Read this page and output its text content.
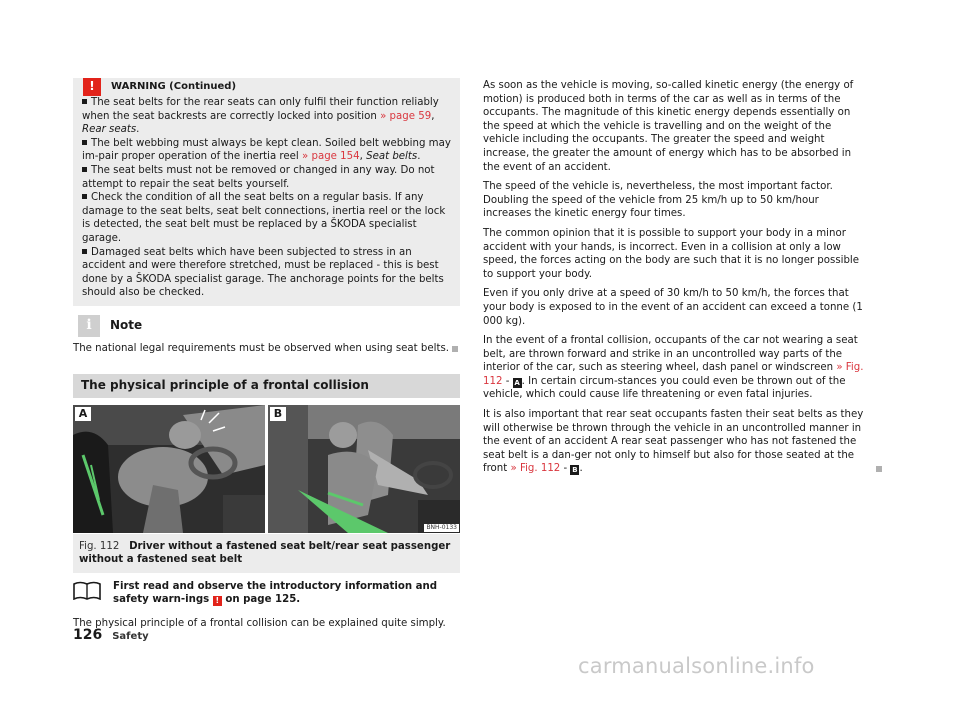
!	WARNING (Continued)
The seat belts for the rear seats can only fulfil their function reliably when the seat backrests are correctly locked into position » page 59, Rear seats.
The belt webbing must always be kept clean. Soiled belt webbing may im-pair proper operation of the inertia reel » page 154, Seat belts.
The seat belts must not be removed or changed in any way. Do not attempt to repair the seat belts yourself.
Check the condition of all the seat belts on a regular basis. If any damage to the seat belts, seat belt connections, inertia reel or the lock is detected, the seat belt must be replaced by a ŠKODA specialist garage.
Damaged seat belts which have been subjected to stress in an accident and were therefore stretched, must be replaced - this is best done by a ŠKODA specialist garage. The anchorage points for the belts should also be checked.
i	Note
The national legal requirements must be observed when using seat belts.
The physical principle of a frontal collision
A	B
BNH-0133
Fig. 112 Driver without a fastened seat belt/rear seat passenger without a fastened seat belt
First read and observe the introductory information and safety warn-ings ! on page 125.
The physical principle of a frontal collision can be explained quite simply.

As soon as the vehicle is moving, so-called kinetic energy (the energy of motion) is produced both in terms of the car as well as in terms of the occupants. The magnitude of this kinetic energy depends essentially on the speed at which the vehicle is travelling and on the weight of the vehicle including the occupants. The greater the speed and weight increase, the greater the amount of energy which has to be absorbed in the event of an accident.

The speed of the vehicle is, nevertheless, the most important factor. Doubling the speed of the vehicle from 25 km/h up to 50 km/hour increases the kinetic energy four times.

The common opinion that it is possible to support your body in a minor accident with your hands, is incorrect. Even in a collision at only a low speed, the forces acting on the body are such that it is no longer possible to support your body.

Even if you only drive at a speed of 30 km/h to 50 km/h, the forces that your body is exposed to in the event of an accident can exceed a tonne (1 000 kg).

In the event of a frontal collision, occupants of the car not wearing a seat belt, are thrown forward and strike in an uncontrolled way parts of the interior of the car, such as steering wheel, dash panel or windscreen » Fig. 112 - A . In certain circum-stances you could even be thrown out of the vehicle, which could cause life threatening or even fatal injuries.

It is also important that rear seat occupants fasten their seat belts as they will otherwise be thrown through the vehicle in an uncontrolled manner in the event of an accident A rear seat passenger who has not fastened the seat belt is a dan-ger not only to himself but also for those seated at the front » Fig. 112 - B .

126 Safety
carmanualsonline.info
